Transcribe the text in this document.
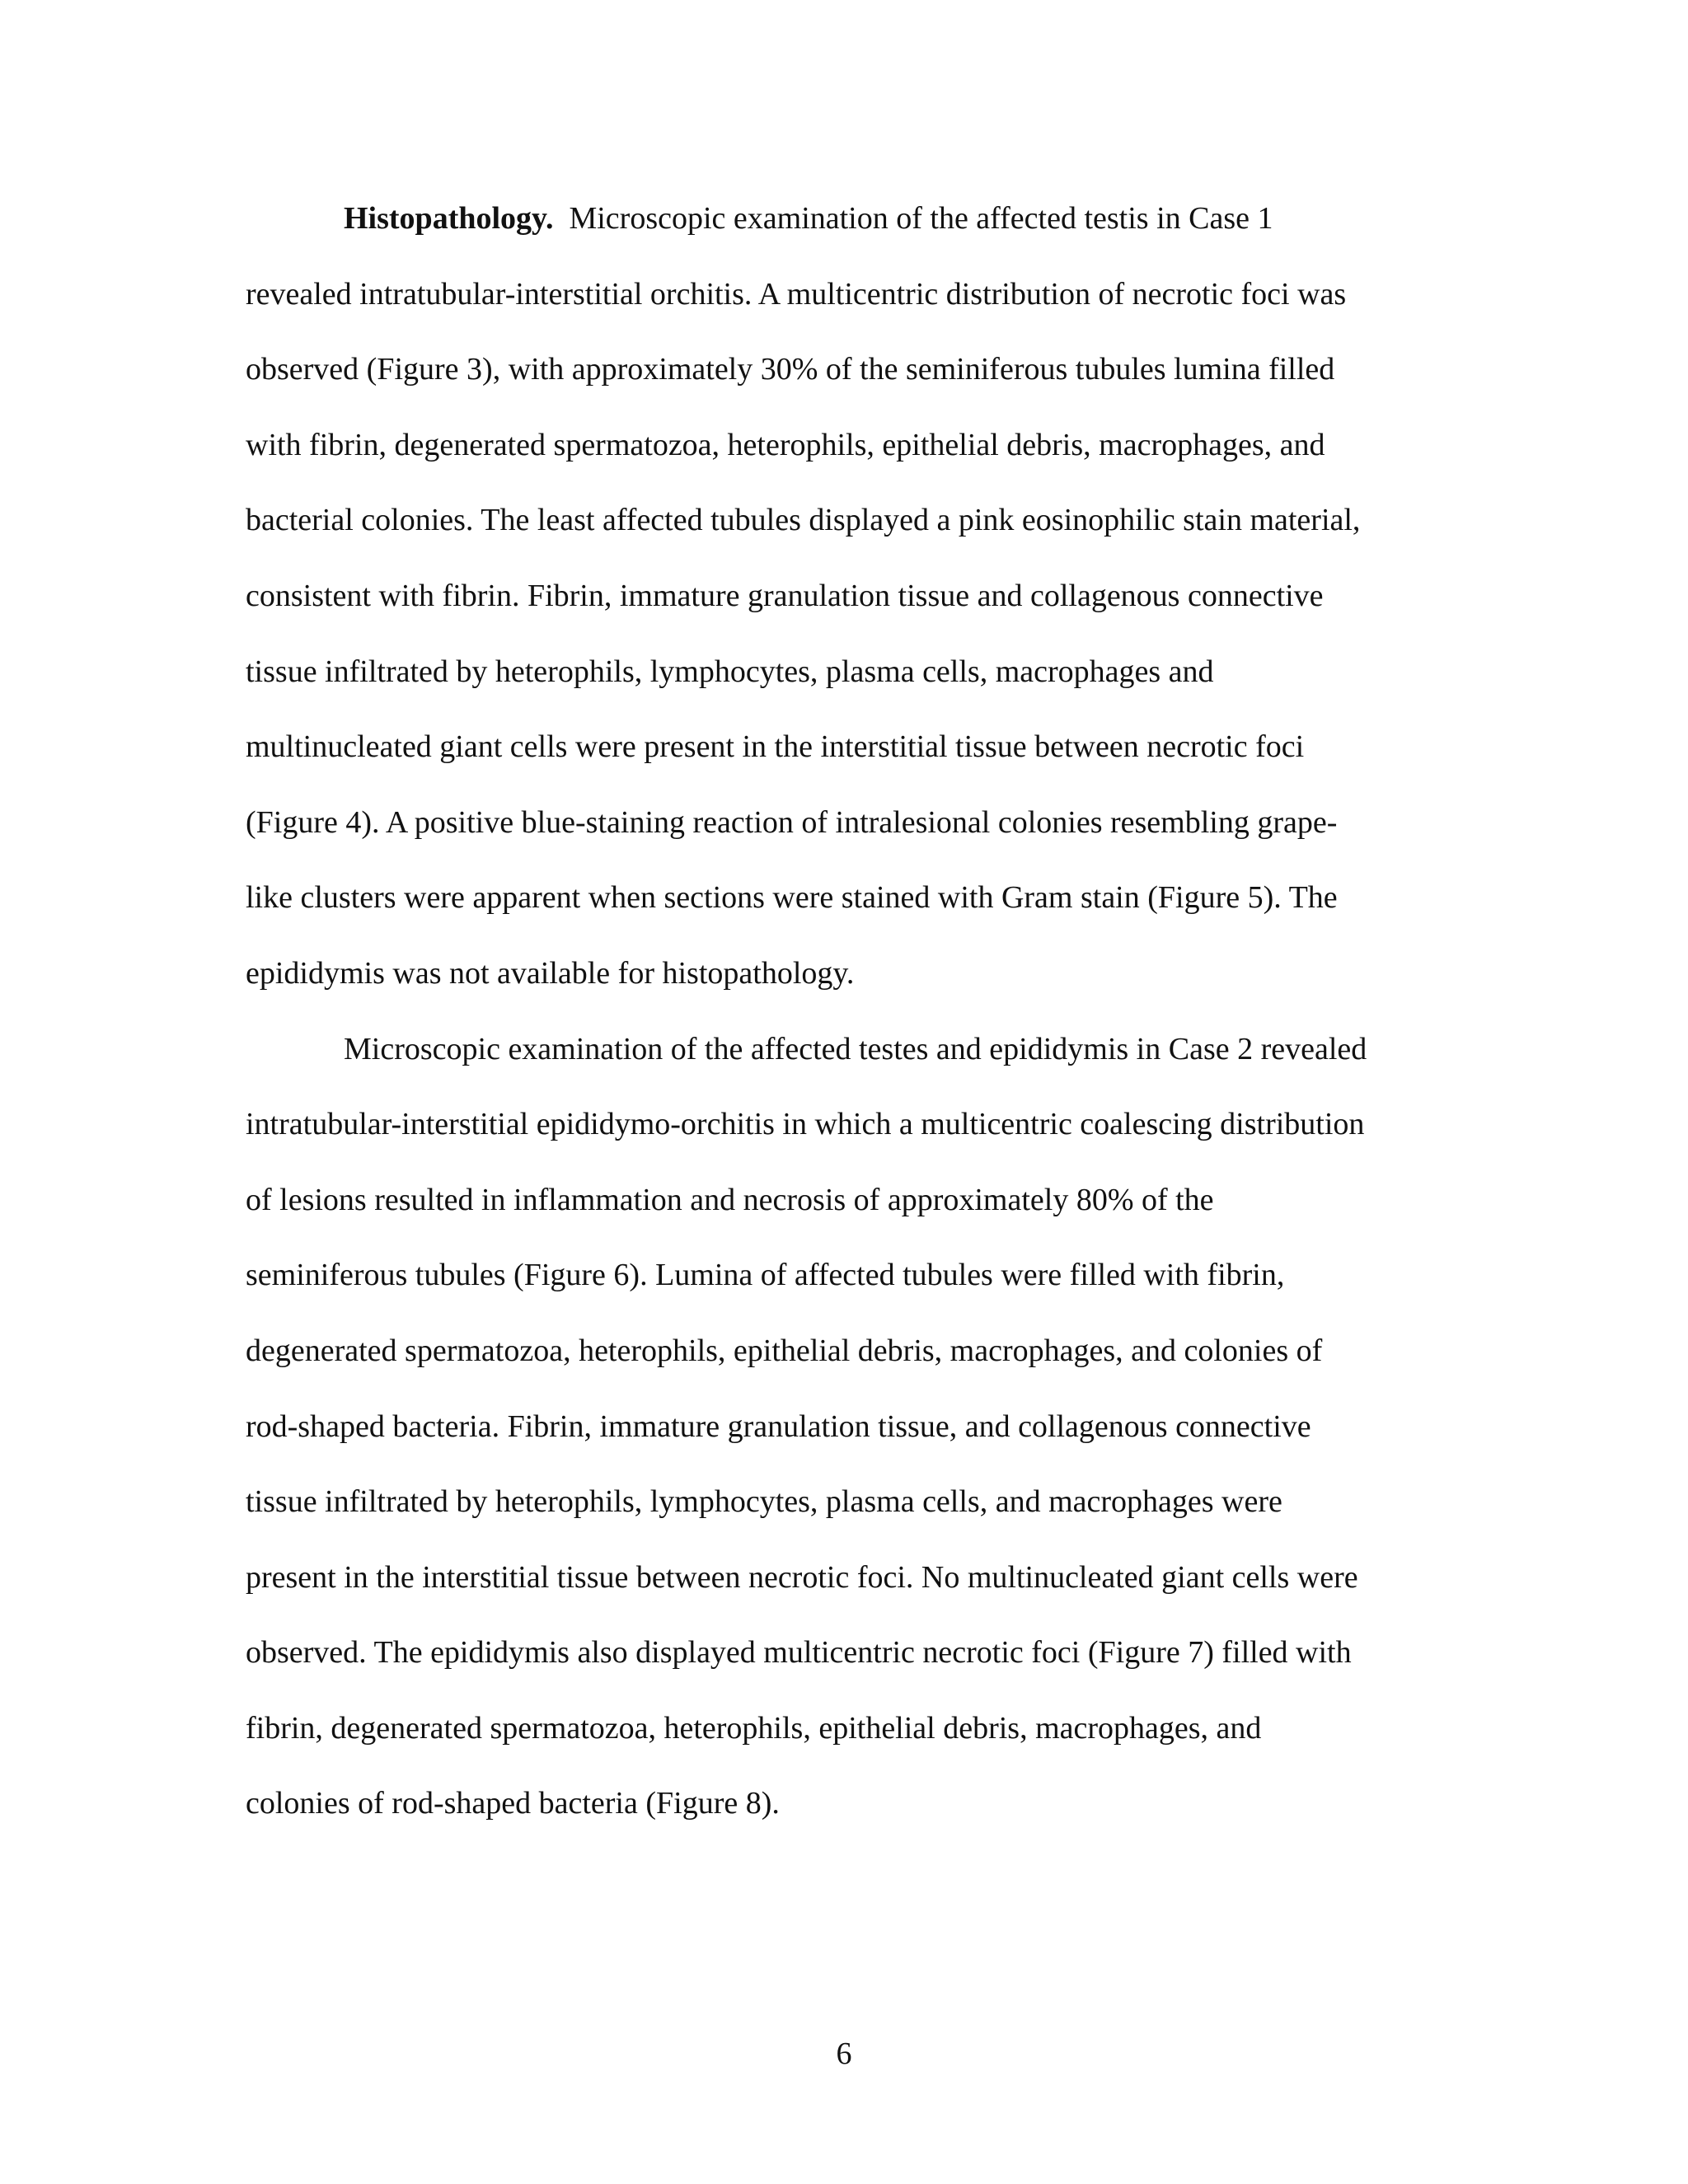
Histopathology. Microscopic examination of the affected testis in Case 1
revealed intratubular-interstitial orchitis. A multicentric distribution of necrotic foci was
observed (Figure 3), with approximately 30% of the seminiferous tubules lumina filled
with fibrin, degenerated spermatozoa, heterophils, epithelial debris, macrophages, and
bacterial colonies. The least affected tubules displayed a pink eosinophilic stain material,
consistent with fibrin. Fibrin, immature granulation tissue and collagenous connective
tissue infiltrated by heterophils, lymphocytes, plasma cells, macrophages and
multinucleated giant cells were present in the interstitial tissue between necrotic foci
(Figure 4). A positive blue-staining reaction of intralesional colonies resembling grape-
like clusters were apparent when sections were stained with Gram stain (Figure 5). The
epididymis was not available for histopathology.
Microscopic examination of the affected testes and epididymis in Case 2 revealed
intratubular-interstitial epididymo-orchitis in which a multicentric coalescing distribution
of lesions resulted in inflammation and necrosis of approximately 80% of the
seminiferous tubules (Figure 6). Lumina of affected tubules were filled with fibrin,
degenerated spermatozoa, heterophils, epithelial debris, macrophages, and colonies of
rod-shaped bacteria. Fibrin, immature granulation tissue, and collagenous connective
tissue infiltrated by heterophils, lymphocytes, plasma cells, and macrophages were
present in the interstitial tissue between necrotic foci. No multinucleated giant cells were
observed. The epididymis also displayed multicentric necrotic foci (Figure 7) filled with
fibrin, degenerated spermatozoa, heterophils, epithelial debris, macrophages, and
colonies of rod-shaped bacteria (Figure 8).
6
